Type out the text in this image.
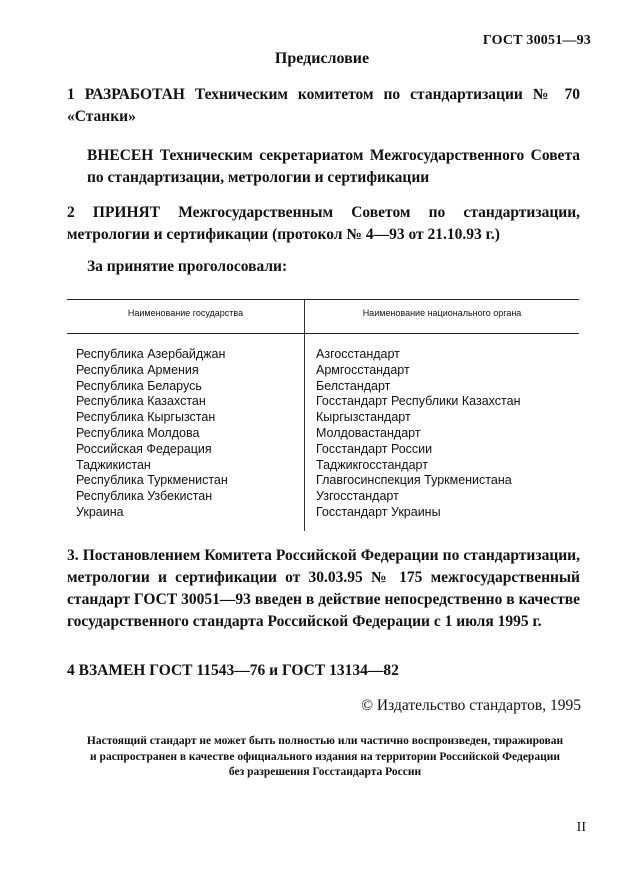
ГОСТ 30051—93
Предисловие
1 РАЗРАБОТАН Техническим комитетом по стандартизации № 70 «Станки»
ВНЕСЕН Техническим секретариатом Межгосударственного Совета по стандартизации, метрологии и сертификации
2 ПРИНЯТ Межгосударственным Советом по стандартизации, метрологии и сертификации (протокол № 4—93 от 21.10.93 г.)
За принятие проголосовали:
Наименование государства	Наименование национального органа
Республика Азербайджан
Республика Армения
Республика Беларусь
Республика Казахстан
Республика Кыргызстан
Республика Молдова
Российская Федерация
Таджикистан
Республика Туркменистан
Республика Узбекистан
Украина
Азгосстандарт
Армгосстандарт
Белстандарт
Госстандарт Республики Казахстан
Кыргызстандарт
Молдовастандарт
Госстандарт России
Таджикгосстандарт
Главгосинспекция Туркменистана
Узгосстандарт
Госстандарт Украины
3. Постановлением Комитета Российской Федерации по стандартизации, метрологии и сертификации от 30.03.95 № 175 межгосударственный стандарт ГОСТ 30051—93 введен в действие непосредственно в качестве государственного стандарта Российской Федерации с 1 июля 1995 г.
4 ВЗАМЕН ГОСТ 11543—76 и ГОСТ 13134—82
© Издательство стандартов, 1995
Настоящий стандарт не может быть полностью или частично воспроизведен, тиражирован и распространен в качестве официального издания на территории Российской Федерации без разрешения Госстандарта России
II
